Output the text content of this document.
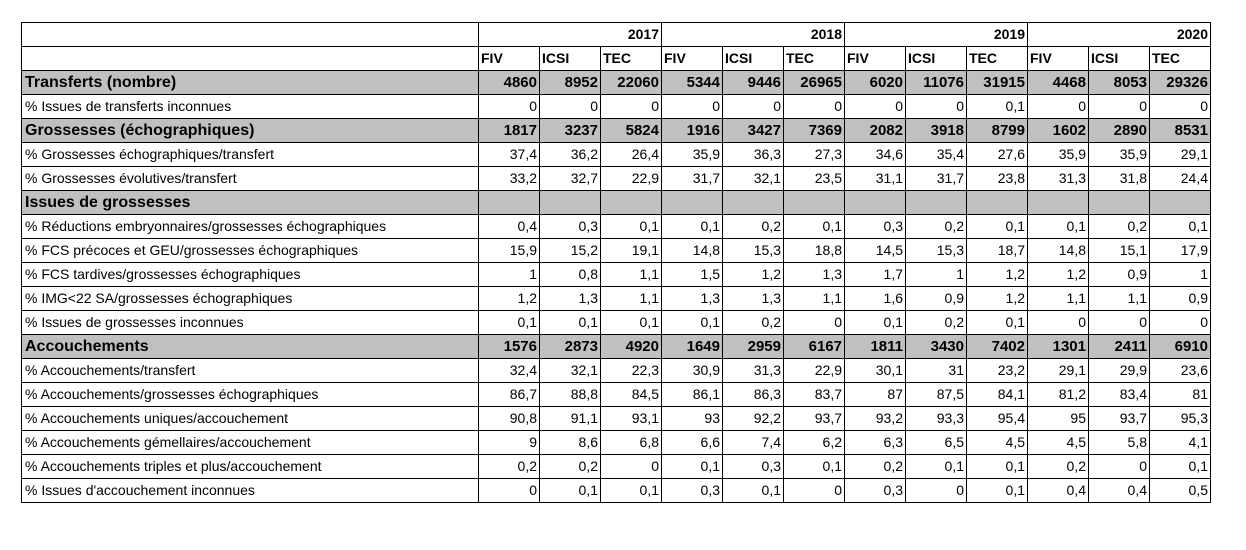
			2017			2018			2019			2020
	FIV	ICSI	TEC	FIV	ICSI	TEC	FIV	ICSI	TEC	FIV	ICSI	TEC
Transferts (nombre)	4860	8952	22060	5344	9446	26965	6020	11076	31915	4468	8053	29326
% Issues de transferts inconnues	0	0	0	0	0	0	0	0	0,1	0	0	0
Grossesses (échographiques)	1817	3237	5824	1916	3427	7369	2082	3918	8799	1602	2890	8531
% Grossesses échographiques/transfert	37,4	36,2	26,4	35,9	36,3	27,3	34,6	35,4	27,6	35,9	35,9	29,1
% Grossesses évolutives/transfert	33,2	32,7	22,9	31,7	32,1	23,5	31,1	31,7	23,8	31,3	31,8	24,4
Issues de grossesses												
% Réductions embryonnaires/grossesses échographiques	0,4	0,3	0,1	0,1	0,2	0,1	0,3	0,2	0,1	0,1	0,2	0,1
% FCS précoces et GEU/grossesses échographiques	15,9	15,2	19,1	14,8	15,3	18,8	14,5	15,3	18,7	14,8	15,1	17,9
% FCS tardives/grossesses échographiques	1	0,8	1,1	1,5	1,2	1,3	1,7	1	1,2	1,2	0,9	1
% IMG<22 SA/grossesses échographiques	1,2	1,3	1,1	1,3	1,3	1,1	1,6	0,9	1,2	1,1	1,1	0,9
% Issues de grossesses inconnues	0,1	0,1	0,1	0,1	0,2	0	0,1	0,2	0,1	0	0	0
Accouchements	1576	2873	4920	1649	2959	6167	1811	3430	7402	1301	2411	6910
% Accouchements/transfert	32,4	32,1	22,3	30,9	31,3	22,9	30,1	31	23,2	29,1	29,9	23,6
% Accouchements/grossesses échographiques	86,7	88,8	84,5	86,1	86,3	83,7	87	87,5	84,1	81,2	83,4	81
% Accouchements uniques/accouchement	90,8	91,1	93,1	93	92,2	93,7	93,2	93,3	95,4	95	93,7	95,3
% Accouchements gémellaires/accouchement	9	8,6	6,8	6,6	7,4	6,2	6,3	6,5	4,5	4,5	5,8	4,1
% Accouchements triples et plus/accouchement	0,2	0,2	0	0,1	0,3	0,1	0,2	0,1	0,1	0,2	0	0,1
% Issues d'accouchement inconnues	0	0,1	0,1	0,3	0,1	0	0,3	0	0,1	0,4	0,4	0,5
